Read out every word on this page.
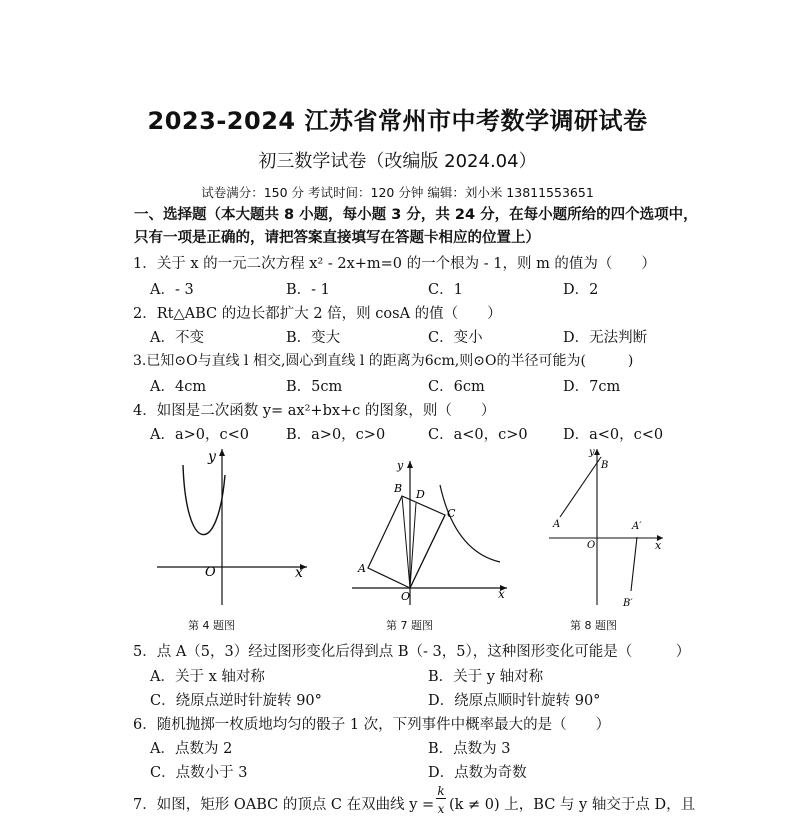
2023-2024 江苏省常州市中考数学调研试卷
初三数学试卷（改编版 2024.04）
试卷满分：150 分 考试时间：120 分钟 编辑：刘小米 13811553651
一、选择题（本大题共 8 小题，每小题 3 分，共 24 分，在每小题所给的四个选项中，只有一项是正确的，请把答案直接填写在答题卡相应的位置上）
1．关于 x 的一元二次方程 x² - 2x+m=0 的一个根为 - 1，则 m 的值为（　　）
A．- 3	B．- 1	C．1	D．2
2．Rt△ABC 的边长都扩大 2 倍，则 cosA 的值（　　）
A．不变	B．变大	C．变小	D．无法判断
3.已知⊙O与直线 l 相交,圆心到直线 l 的距离为6cm,则⊙O的半径可能为(　　　)
A．4cm	B．5cm	C．6cm	D．7cm
4．如图是二次函数 y= ax²+bx+c 的图象，则（　　）
A．a>0，c<0	B．a>0，c>0	C．a<0，c>0 D．a<0，c<0
y
x
O
第 4 题图
y
x
O
A
B
C
D
第 7 题图
y
x
O
A
B
A′
B′
第 8 题图
5．点 A（5，3）经过图形变化后得到点 B（- 3，5），这种图形变化可能是（　　　）
A．关于 x 轴对称	B．关于 y 轴对称
C．绕原点逆时针旋转 90°	D．绕原点顺时针旋转 90°
6．随机抛掷一枚质地均匀的骰子 1 次，下列事件中概率最大的是（　　）
A．点数为 2	B．点数为 3
C．点数小于 3	D．点数为奇数
7．如图，矩形 OABC 的顶点 C 在双曲线 y =
k
x (k ≠ 0) 上，BC 与 y 轴交于点 D，且
